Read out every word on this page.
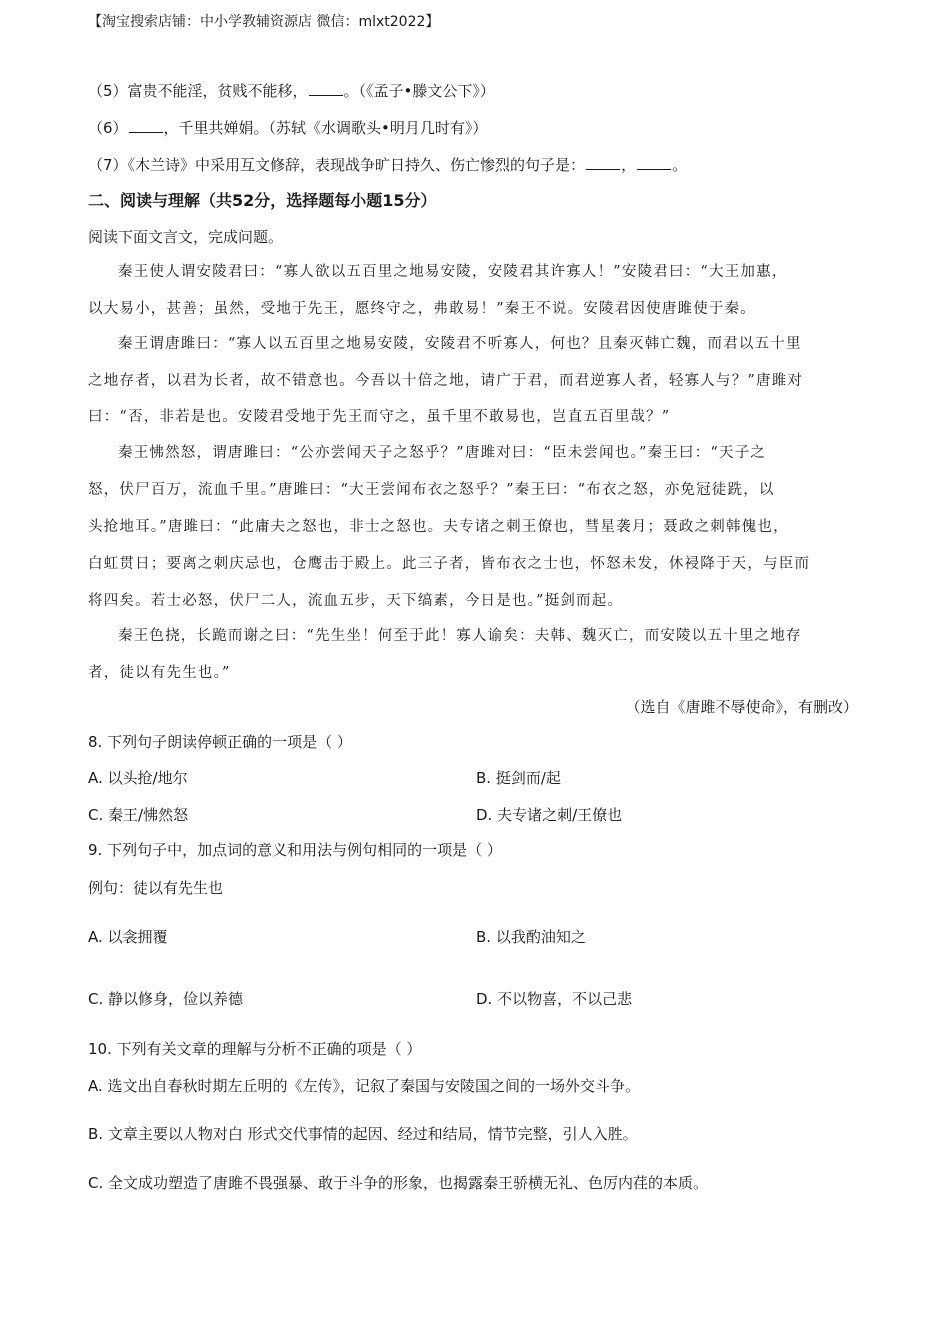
【淘宝搜索店铺：中小学教辅资源店 微信：mlxt2022】
（5）富贵不能淫，贫贱不能移， 。（《孟子•滕文公下》）
（6） ，千里共婵娟。（苏轼《水调歌头•明月几时有》）
（7）《木兰诗》中采用互文修辞，表现战争旷日持久、伤亡惨烈的句子是： ， 。
二、阅读与理解（共52分，选择题每小题15分）
阅读下面文言文，完成问题。
秦王使人谓安陵君曰：“寡人欲以五百里之地易安陵，安陵君其许寡人！”安陵君曰：“大王加惠，
以大易小，甚善；虽然，受地于先王，愿终守之，弗敢易！”秦王不说。安陵君因使唐雎使于秦。
秦王谓唐雎曰：“寡人以五百里之地易安陵，安陵君不听寡人，何也？且秦灭韩亡魏，而君以五十里
之地存者，以君为长者，故不错意也。今吾以十倍之地，请广于君，而君逆寡人者，轻寡人与？”唐雎对
曰：“否，非若是也。安陵君受地于先王而守之，虽千里不敢易也，岂直五百里哉？”
秦王怫然怒，谓唐雎曰：“公亦尝闻天子之怒乎？”唐雎对曰：“臣未尝闻也。”秦王曰：“天子之
怒，伏尸百万，流血千里。”唐雎曰：“大王尝闻布衣之怒乎？”秦王曰：“布衣之怒，亦免冠徒跣，以
头抢地耳。”唐雎曰：“此庸夫之怒也，非士之怒也。夫专诸之刺王僚也，彗星袭月；聂政之刺韩傀也，
白虹贯日；要离之刺庆忌也，仓鹰击于殿上。此三子者，皆布衣之士也，怀怒未发，休祲降于天，与臣而
将四矣。若士必怒，伏尸二人，流血五步，天下缟素，今日是也。”挺剑而起。
秦王色挠，长跪而谢之曰：“先生坐！何至于此！寡人谕矣：夫韩、魏灭亡，而安陵以五十里之地存
者，徒以有先生也。”
（选自《唐雎不辱使命》，有删改）
8. 下列句子朗读停顿正确的一项是（ ）
A. 以头抢/地尔	B. 挺剑而/起
C. 秦王/怫然怒	D. 夫专诸之刺/王僚也
9. 下列句子中，加点词的意义和用法与例句相同的一项是（ ）
例句：徒以有先生也
A. 以衾拥覆	B. 以我酌油知之
C. 静以修身，俭以养德	D. 不以物喜，不以己悲
10. 下列有关文章的理解与分析不正确的项是（ ）
A. 选文出自春秋时期左丘明的《左传》，记叙了秦国与安陵国之间的一场外交斗争。
B. 文章主要以人物对白 形式交代事情的起因、经过和结局，情节完整，引人入胜。
C. 全文成功塑造了唐雎不畏强暴、敢于斗争的形象，也揭露秦王骄横无礼、色厉内荏的本质。
